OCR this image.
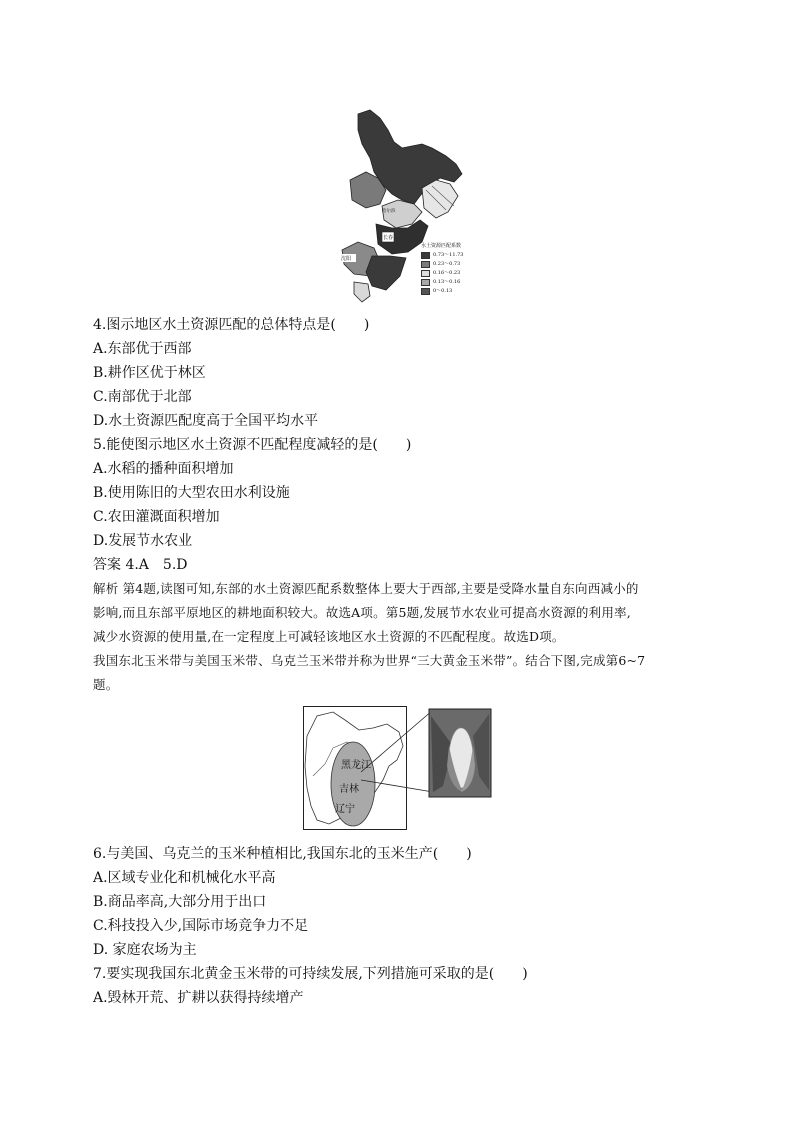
长春
哈尔滨
沈阳
水土资源匹配系数
0.73～11.73
0.23～0.73
0.16～0.23
0.13～0.16
0～0.13
4.图示地区水土资源匹配的总体特点是(　　)
A.东部优于西部
B.耕作区优于林区
C.南部优于北部
D.水土资源匹配度高于全国平均水平
5.能使图示地区水土资源不匹配程度减轻的是(　　)
A.水稻的播种面积增加
B.使用陈旧的大型农田水利设施
C.农田灌溉面积增加
D.发展节水农业
答案 4.A　5.D
解析 第4题,读图可知,东部的水土资源匹配系数整体上要大于西部,主要是受降水量自东向西减小的
影响,而且东部平原地区的耕地面积较大。故选A项。第5题,发展节水农业可提高水资源的利用率,
减少水资源的使用量,在一定程度上可减轻该地区水土资源的不匹配程度。故选D项。
我国东北玉米带与美国玉米带、乌克兰玉米带并称为世界“三大黄金玉米带”。结合下图,完成第6~7
题。
黑龙江
吉林
辽宁
6.与美国、乌克兰的玉米种植相比,我国东北的玉米生产(　　)
A.区域专业化和机械化水平高
B.商品率高,大部分用于出口
C.科技投入少,国际市场竞争力不足
D. 家庭农场为主
7.要实现我国东北黄金玉米带的可持续发展,下列措施可采取的是(　　)
A.毁林开荒、扩耕以获得持续增产
